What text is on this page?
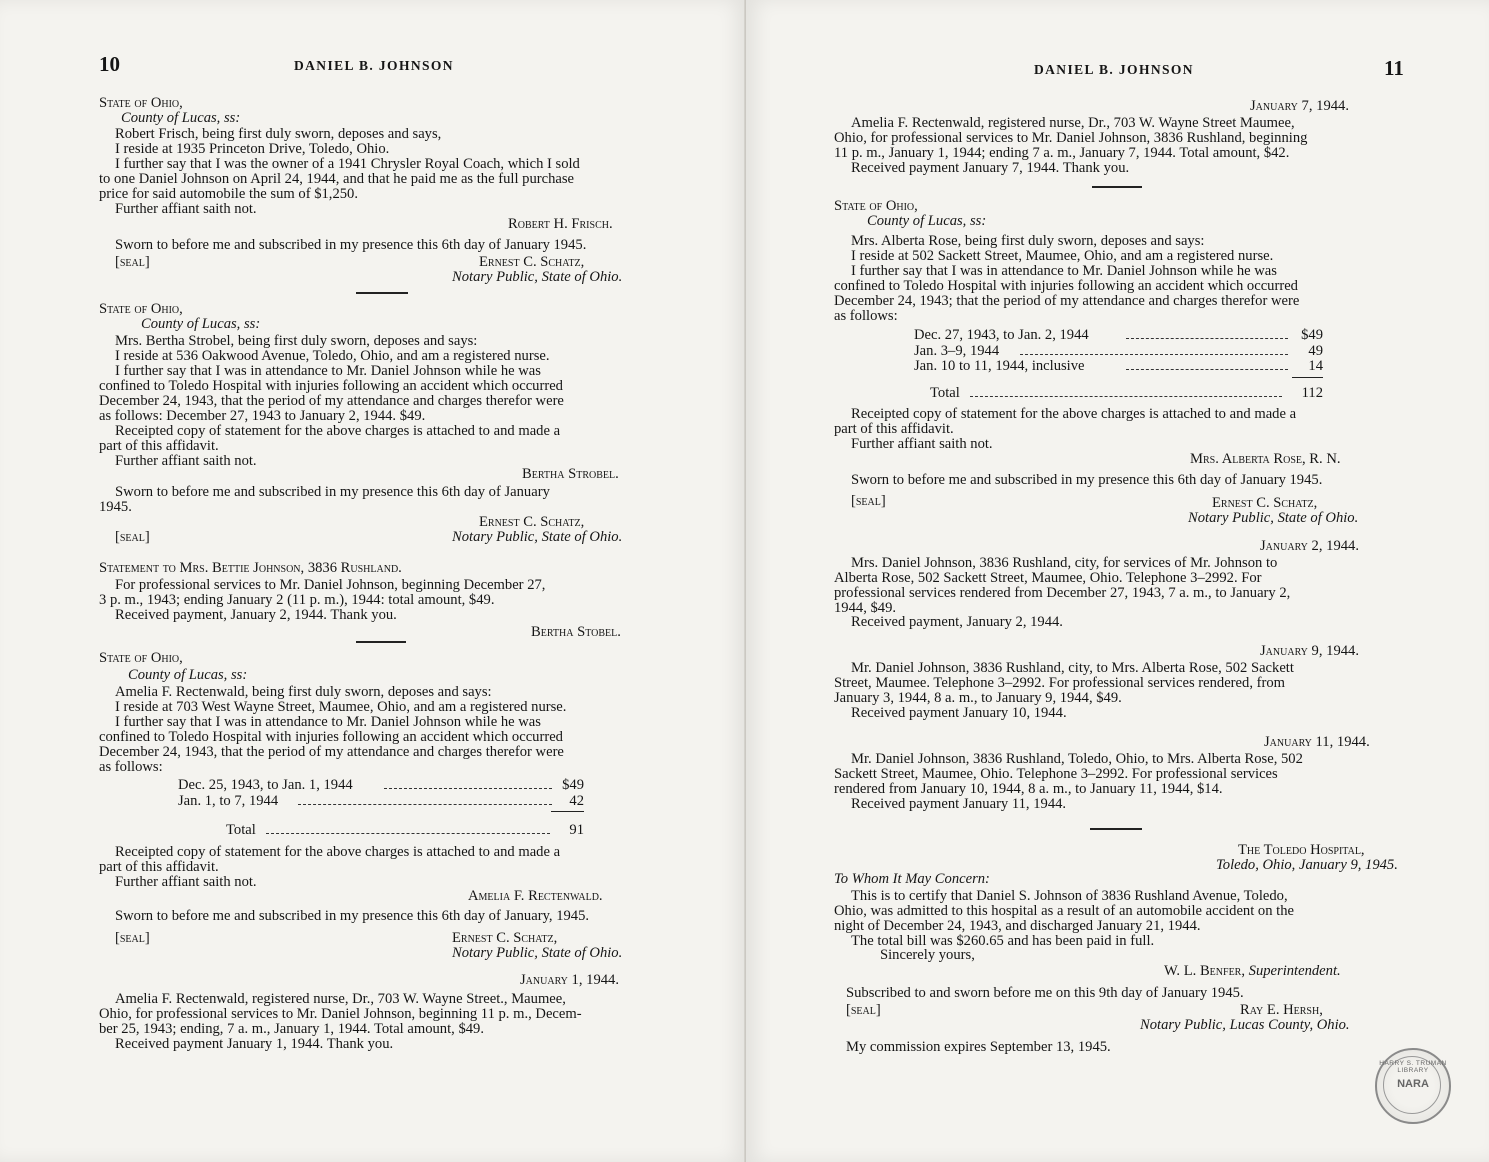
10	DANIEL B. JOHNSON
State of Ohio,
County of Lucas, ss:
Robert Frisch, being first duly sworn, deposes and says,
I reside at 1935 Princeton Drive, Toledo, Ohio.
I further say that I was the owner of a 1941 Chrysler Royal Coach, which I sold
to one Daniel Johnson on April 24, 1944, and that he paid me as the full purchase
price for said automobile the sum of $1,250.
Further affiant saith not.
Robert H. Frisch.
Sworn to before me and subscribed in my presence this 6th day of January 1945.
[seal]	Ernest C. Schatz,
Notary Public, State of Ohio.
State of Ohio,
County of Lucas, ss:
Mrs. Bertha Strobel, being first duly sworn, deposes and says:
I reside at 536 Oakwood Avenue, Toledo, Ohio, and am a registered nurse.
I further say that I was in attendance to Mr. Daniel Johnson while he was
confined to Toledo Hospital with injuries following an accident which occurred
December 24, 1943, that the period of my attendance and charges therefor were
as follows: December 27, 1943 to January 2, 1944. $49.
Receipted copy of statement for the above charges is attached to and made a
part of this affidavit.
Further affiant saith not.
Bertha Strobel.
Sworn to before me and subscribed in my presence this 6th day of January
1945.
Ernest C. Schatz,
[seal]	Notary Public, State of Ohio.
Statement to Mrs. Bettie Johnson, 3836 Rushland.
For professional services to Mr. Daniel Johnson, beginning December 27,
3 p. m., 1943; ending January 2 (11 p. m.), 1944: total amount, $49.
Received payment, January 2, 1944. Thank you.
Bertha Stobel.
State of Ohio,
County of Lucas, ss:
Amelia F. Rectenwald, being first duly sworn, deposes and says:
I reside at 703 West Wayne Street, Maumee, Ohio, and am a registered nurse.
I further say that I was in attendance to Mr. Daniel Johnson while he was
confined to Toledo Hospital with injuries following an accident which occurred
December 24, 1943, that the period of my attendance and charges therefor were
as follows:
Dec. 25, 1943, to Jan. 1, 1944	$49
Jan. 1, to 7, 1944	42
Total	91
Receipted copy of statement for the above charges is attached to and made a
part of this affidavit.
Further affiant saith not.
Amelia F. Rectenwald.
Sworn to before me and subscribed in my presence this 6th day of January, 1945.
[seal]	Ernest C. Schatz,
Notary Public, State of Ohio.
January 1, 1944.
Amelia F. Rectenwald, registered nurse, Dr., 703 W. Wayne Street., Maumee,
Ohio, for professional services to Mr. Daniel Johnson, beginning 11 p. m., Decem-
ber 25, 1943; ending, 7 a. m., January 1, 1944. Total amount, $49.
Received payment January 1, 1944. Thank you.
DANIEL B. JOHNSON	11
January 7, 1944.
Amelia F. Rectenwald, registered nurse, Dr., 703 W. Wayne Street Maumee,
Ohio, for professional services to Mr. Daniel Johnson, 3836 Rushland, beginning
11 p. m., January 1, 1944; ending 7 a. m., January 7, 1944. Total amount, $42.
Received payment January 7, 1944. Thank you.
State of Ohio,
County of Lucas, ss:
Mrs. Alberta Rose, being first duly sworn, deposes and says:
I reside at 502 Sackett Street, Maumee, Ohio, and am a registered nurse.
I further say that I was in attendance to Mr. Daniel Johnson while he was
confined to Toledo Hospital with injuries following an accident which occurred
December 24, 1943; that the period of my attendance and charges therefor were
as follows:
Dec. 27, 1943, to Jan. 2, 1944	$49
Jan. 3–9, 1944	49
Jan. 10 to 11, 1944, inclusive	14
Total	112
Receipted copy of statement for the above charges is attached to and made a
part of this affidavit.
Further affiant saith not.
Mrs. Alberta Rose, R. N.
Sworn to before me and subscribed in my presence this 6th day of January 1945.
[seal]	Ernest C. Schatz,
Notary Public, State of Ohio.
January 2, 1944.
Mrs. Daniel Johnson, 3836 Rushland, city, for services of Mr. Johnson to
Alberta Rose, 502 Sackett Street, Maumee, Ohio. Telephone 3–2992. For
professional services rendered from December 27, 1943, 7 a. m., to January 2,
1944, $49.
Received payment, January 2, 1944.
January 9, 1944.
Mr. Daniel Johnson, 3836 Rushland, city, to Mrs. Alberta Rose, 502 Sackett
Street, Maumee. Telephone 3–2992. For professional services rendered, from
January 3, 1944, 8 a. m., to January 9, 1944, $49.
Received payment January 10, 1944.
January 11, 1944.
Mr. Daniel Johnson, 3836 Rushland, Toledo, Ohio, to Mrs. Alberta Rose, 502
Sackett Street, Maumee, Ohio. Telephone 3–2992. For professional services
rendered from January 10, 1944, 8 a. m., to January 11, 1944, $14.
Received payment January 11, 1944.
The Toledo Hospital,
Toledo, Ohio, January 9, 1945.
To Whom It May Concern:
This is to certify that Daniel S. Johnson of 3836 Rushland Avenue, Toledo,
Ohio, was admitted to this hospital as a result of an automobile accident on the
night of December 24, 1943, and discharged January 21, 1944.
The total bill was $260.65 and has been paid in full.
Sincerely yours,
W. L. Benfer, Superintendent.
Subscribed to and sworn before me on this 9th day of January 1945.
[seal]	Ray E. Hersh,
Notary Public, Lucas County, Ohio.
My commission expires September 13, 1945.
HARRY S. TRUMAN LIBRARY
NARA
